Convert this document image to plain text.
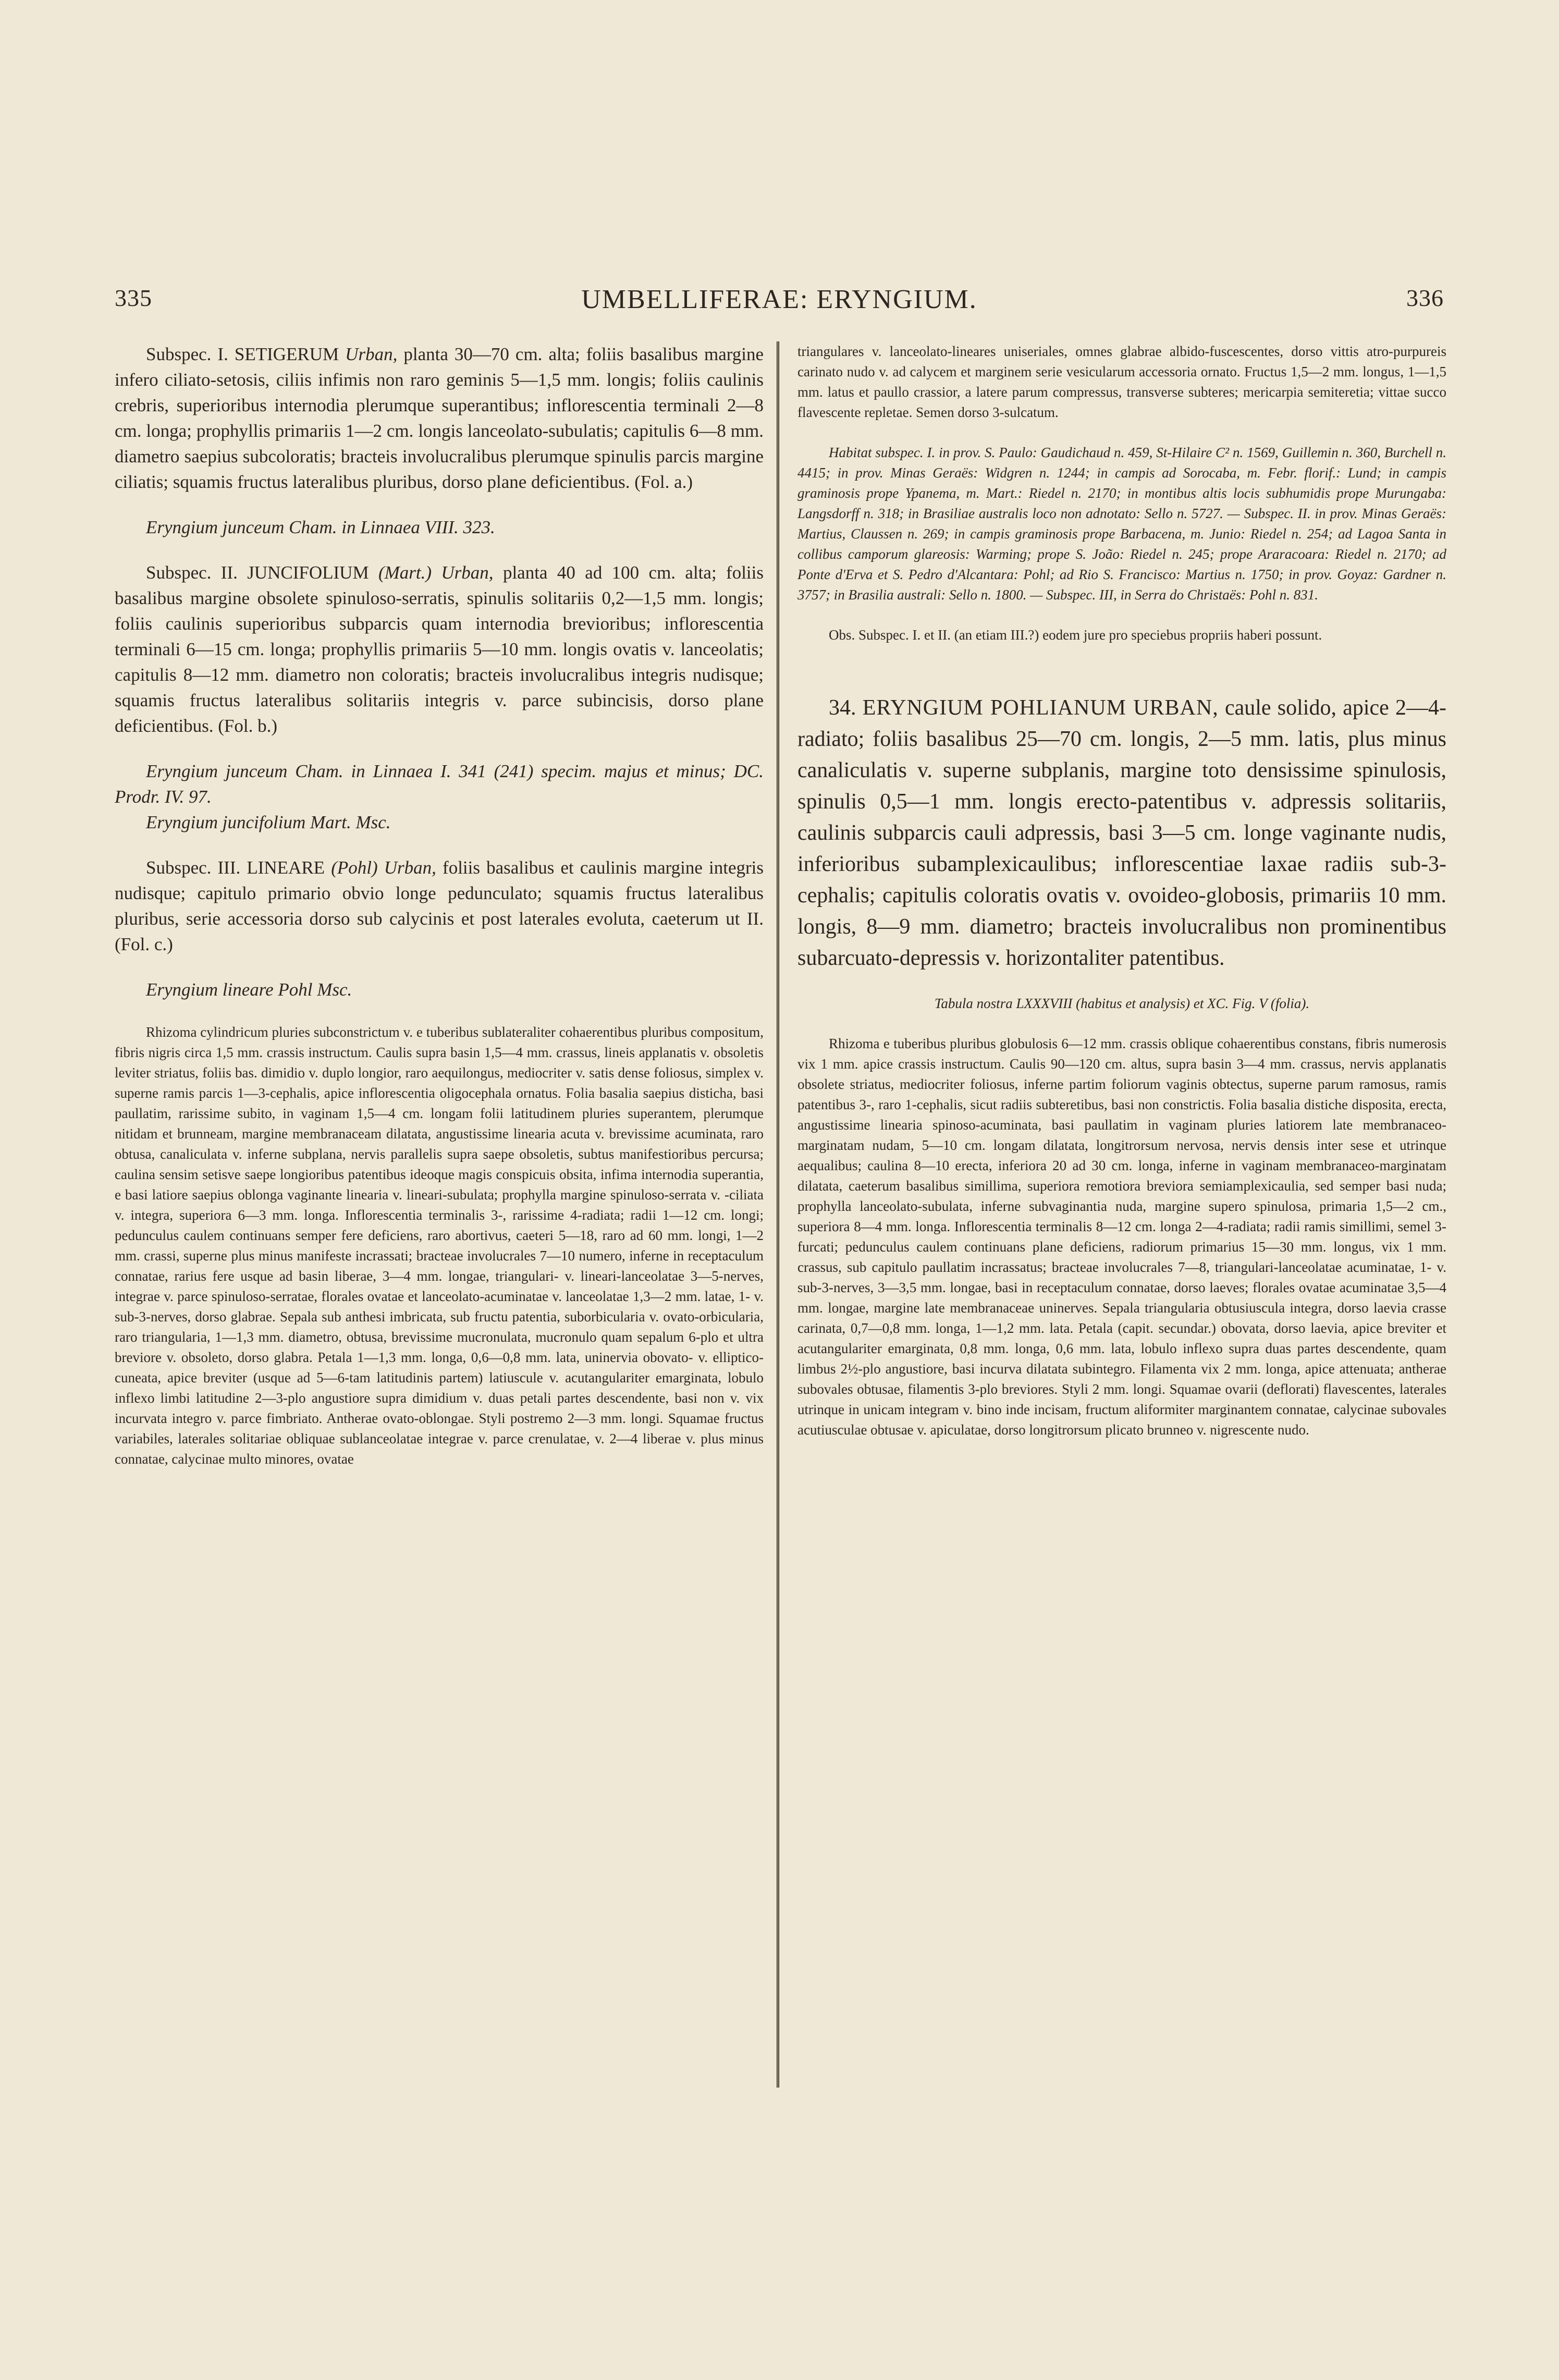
335	UMBELLIFERAE: ERYNGIUM.	336

Subspec. I. SETIGERUM Urban, planta 30—70 cm. alta; foliis basalibus margine infero ciliato-setosis, ciliis infimis non raro geminis 5—1,5 mm. longis; foliis caulinis crebris, superioribus internodia plerumque superantibus; inflorescentia terminali 2—8 cm. longa; prophyllis primariis 1—2 cm. longis lanceolato-subulatis; capitulis 6—8 mm. diametro saepius subcoloratis; bracteis involucralibus plerumque spinulis parcis margine ciliatis; squamis fructus lateralibus pluribus, dorso plane deficientibus. (Fol. a.)

Eryngium junceum Cham. in Linnaea VIII. 323.

Subspec. II. JUNCIFOLIUM (Mart.) Urban, planta 40 ad 100 cm. alta; foliis basalibus margine obsolete spinuloso-serratis, spinulis solitariis 0,2—1,5 mm. longis; foliis caulinis superioribus subparcis quam internodia brevioribus; inflorescentia terminali 6—15 cm. longa; prophyllis primariis 5—10 mm. longis ovatis v. lanceolatis; capitulis 8—12 mm. diametro non coloratis; bracteis involucralibus integris nudisque; squamis fructus lateralibus solitariis integris v. parce subincisis, dorso plane deficientibus. (Fol. b.)

Eryngium junceum Cham. in Linnaea I. 341 (241) specim. majus et minus; DC. Prodr. IV. 97.

Eryngium juncifolium Mart. Msc.

Subspec. III. LINEARE (Pohl) Urban, foliis basalibus et caulinis margine integris nudisque; capitulo primario obvio longe pedunculato; squamis fructus lateralibus pluribus, serie accessoria dorso sub calycinis et post laterales evoluta, caeterum ut II. (Fol. c.)

Eryngium lineare Pohl Msc.

Rhizoma cylindricum pluries subconstrictum v. e tuberibus sublateraliter cohaerentibus pluribus compositum, fibris nigris circa 1,5 mm. crassis instructum. Caulis supra basin 1,5—4 mm. crassus, lineis applanatis v. obsoletis leviter striatus, foliis bas. dimidio v. duplo longior, raro aequilongus, mediocriter v. satis dense foliosus, simplex v. superne ramis parcis 1—3-cephalis, apice inflorescentia oligocephala ornatus. Folia basalia saepius disticha, basi paullatim, rarissime subito, in vaginam 1,5—4 cm. longam folii latitudinem pluries superantem, plerumque nitidam et brunneam, margine membranaceam dilatata, angustissime linearia acuta v. brevissime acuminata, raro obtusa, canaliculata v. inferne subplana, nervis parallelis supra saepe obsoletis, subtus manifestioribus percursa; caulina sensim setisve saepe longioribus patentibus ideoque magis conspicuis obsita, infima internodia superantia, e basi latiore saepius oblonga vaginante linearia v. lineari-subulata; prophylla margine spinuloso-serrata v. -ciliata v. integra, superiora 6—3 mm. longa. Inflorescentia terminalis 3-, rarissime 4-radiata; radii 1—12 cm. longi; pedunculus caulem continuans semper fere deficiens, raro abortivus, caeteri 5—18, raro ad 60 mm. longi, 1—2 mm. crassi, superne plus minus manifeste incrassati; bracteae involucrales 7—10 numero, inferne in receptaculum connatae, rarius fere usque ad basin liberae, 3—4 mm. longae, triangulari- v. lineari-lanceolatae 3—5-nerves, integrae v. parce spinuloso-serratae, florales ovatae et lanceolato-acuminatae v. lanceolatae 1,3—2 mm. latae, 1- v. sub-3-nerves, dorso glabrae. Sepala sub anthesi imbricata, sub fructu patentia, suborbicularia v. ovato-orbicularia, raro triangularia, 1—1,3 mm. diametro, obtusa, brevissime mucronulata, mucronulo quam sepalum 6-plo et ultra breviore v. obsoleto, dorso glabra. Petala 1—1,3 mm. longa, 0,6—0,8 mm. lata, uninervia obovato- v. elliptico-cuneata, apice breviter (usque ad 5—6-tam latitudinis partem) latiuscule v. acutangulariter emarginata, lobulo inflexo limbi latitudine 2—3-plo angustiore supra dimidium v. duas petali partes descendente, basi non v. vix incurvata integro v. parce fimbriato. Antherae ovato-oblongae. Styli postremo 2—3 mm. longi. Squamae fructus variabiles, laterales solitariae obliquae sublanceolatae integrae v. parce crenulatae, v. 2—4 liberae v. plus minus connatae, calycinae multo minores, ovatae

triangulares v. lanceolato-lineares uniseriales, omnes glabrae albido-fuscescentes, dorso vittis atro-purpureis carinato nudo v. ad calycem et marginem serie vesicularum accessoria ornato. Fructus 1,5—2 mm. longus, 1—1,5 mm. latus et paullo crassior, a latere parum compressus, transverse subteres; mericarpia semiteretia; vittae succo flavescente repletae. Semen dorso 3-sulcatum.

Habitat subspec. I. in prov. S. Paulo: Gaudichaud n. 459, St-Hilaire C² n. 1569, Guillemin n. 360, Burchell n. 4415; in prov. Minas Geraës: Widgren n. 1244; in campis ad Sorocaba, m. Febr. florif.: Lund; in campis graminosis prope Ypanema, m. Mart.: Riedel n. 2170; in montibus altis locis subhumidis prope Murungaba: Langsdorff n. 318; in Brasiliae australis loco non adnotato: Sello n. 5727. — Subspec. II. in prov. Minas Geraës: Martius, Claussen n. 269; in campis graminosis prope Barbacena, m. Junio: Riedel n. 254; ad Lagoa Santa in collibus camporum glareosis: Warming; prope S. João: Riedel n. 245; prope Araracoara: Riedel n. 2170; ad Ponte d'Erva et S. Pedro d'Alcantara: Pohl; ad Rio S. Francisco: Martius n. 1750; in prov. Goyaz: Gardner n. 3757; in Brasilia australi: Sello n. 1800. — Subspec. III, in Serra do Christaës: Pohl n. 831.

Obs. Subspec. I. et II. (an etiam III.?) eodem jure pro speciebus propriis haberi possunt.

34. ERYNGIUM POHLIANUM URBAN, caule solido, apice 2—4-radiato; foliis basalibus 25—70 cm. longis, 2—5 mm. latis, plus minus canaliculatis v. superne subplanis, margine toto densissime spinulosis, spinulis 0,5—1 mm. longis erecto-patentibus v. adpressis solitariis, caulinis subparcis cauli adpressis, basi 3—5 cm. longe vaginante nudis, inferioribus subamplexicaulibus; inflorescentiae laxae radiis sub-3-cephalis; capitulis coloratis ovatis v. ovoideo-globosis, primariis 10 mm. longis, 8—9 mm. diametro; bracteis involucralibus non prominentibus subarcuato-depressis v. horizontaliter patentibus.

Tabula nostra LXXXVIII (habitus et analysis) et XC. Fig. V (folia).

Rhizoma e tuberibus pluribus globulosis 6—12 mm. crassis oblique cohaerentibus constans, fibris numerosis vix 1 mm. apice crassis instructum. Caulis 90—120 cm. altus, supra basin 3—4 mm. crassus, nervis applanatis obsolete striatus, mediocriter foliosus, inferne partim foliorum vaginis obtectus, superne parum ramosus, ramis patentibus 3-, raro 1-cephalis, sicut radiis subteretibus, basi non constrictis. Folia basalia distiche disposita, erecta, angustissime linearia spinoso-acuminata, basi paullatim in vaginam pluries latiorem late membranaceo-marginatam nudam, 5—10 cm. longam dilatata, longitrorsum nervosa, nervis densis inter sese et utrinque aequalibus; caulina 8—10 erecta, inferiora 20 ad 30 cm. longa, inferne in vaginam membranaceo-marginatam dilatata, caeterum basalibus simillima, superiora remotiora breviora semiamplexicaulia, sed semper basi nuda; prophylla lanceolato-subulata, inferne subvaginantia nuda, margine supero spinulosa, primaria 1,5—2 cm., superiora 8—4 mm. longa. Inflorescentia terminalis 8—12 cm. longa 2—4-radiata; radii ramis simillimi, semel 3-furcati; pedunculus caulem continuans plane deficiens, radiorum primarius 15—30 mm. longus, vix 1 mm. crassus, sub capitulo paullatim incrassatus; bracteae involucrales 7—8, triangulari-lanceolatae acuminatae, 1- v. sub-3-nerves, 3—3,5 mm. longae, basi in receptaculum connatae, dorso laeves; florales ovatae acuminatae 3,5—4 mm. longae, margine late membranaceae uninerves. Sepala triangularia obtusiuscula integra, dorso laevia crasse carinata, 0,7—0,8 mm. longa, 1—1,2 mm. lata. Petala (capit. secundar.) obovata, dorso laevia, apice breviter et acutangulariter emarginata, 0,8 mm. longa, 0,6 mm. lata, lobulo inflexo supra duas partes descendente, quam limbus 2½-plo angustiore, basi incurva dilatata subintegro. Filamenta vix 2 mm. longa, apice attenuata; antherae subovales obtusae, filamentis 3-plo breviores. Styli 2 mm. longi. Squamae ovarii (deflorati) flavescentes, laterales utrinque in unicam integram v. bino inde incisam, fructum aliformiter marginantem connatae, calycinae subovales acutiusculae obtusae v. apiculatae, dorso longitrorsum plicato brunneo v. nigrescente nudo.
